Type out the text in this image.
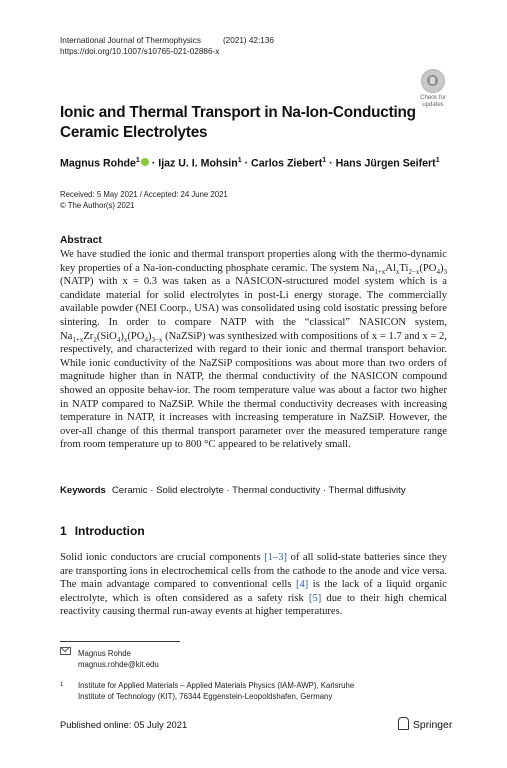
International Journal of Thermophysics	(2021) 42:136
https://doi.org/10.1007/s10765-021-02886-x
Check for
updates
Ionic and Thermal Transport in Na-Ion-Conducting Ceramic Electrolytes
Magnus Rohde$^1$ · Ijaz U. I. Mohsin$^1$ · Carlos Ziebert$^1$ · Hans Jürgen Seifert$^1$
Received: 5 May 2021 / Accepted: 24 June 2021
© The Author(s) 2021
Abstract

We have studied the ionic and thermal transport properties along with the thermo-dynamic key properties of a Na-ion-conducting phosphate ceramic. The system $Na_{1+x}Al_xTi_{2-x}(PO_4)_3$ (NATP) with x = 0.3 was taken as a NASICON-structured model system which is a candidate material for solid electrolytes in post-Li energy storage. The commercially available powder (NEI Coorp., USA) was consolidated using cold isostatic pressing before sintering. In order to compare NATP with the “classical” NASICON system, $Na_{1+x}Zr_2(SiO_4)_x(PO_4)_{3-x}$ (NaZSiP) was synthesized with compositions of x = 1.7 and x = 2, respectively, and characterized with regard to their ionic and thermal transport behavior. While ionic conductivity of the NaZSiP compositions was about more than two orders of magnitude higher than in NATP, the thermal conductivity of the NASICON compound showed an opposite behav-ior. The room temperature value was about a factor two higher in NATP compared to NaZSiP. While the thermal conductivity decreases with increasing temperature in NATP, it increases with increasing temperature in NaZSiP. However, the over-all change of this thermal transport parameter over the measured temperature range from room temperature up to 800 °C appeared to be relatively small.

Keywords Ceramic · Solid electrolyte · Thermal conductivity · Thermal diffusivity
1 Introduction

Solid ionic conductors are crucial components [1–3] of all solid-state batteries since they are transporting ions in electrochemical cells from the cathode to the anode and vice versa. The main advantage compared to conventional cells [4] is the lack of a liquid organic electrolyte, which is often considered as a safety risk [5] due to their high chemical reactivity causing thermal run-away events at higher temperatures.

Magnus Rohde
magnus.rohde@kit.edu
1 Institute for Applied Materials – Applied Materials Physics (IAM-AWP), Karlsruhe Institute of Technology (KIT), 76344 Eggenstein-Leopoldshafen, Germany
Published online: 05 July 2021	Springer
